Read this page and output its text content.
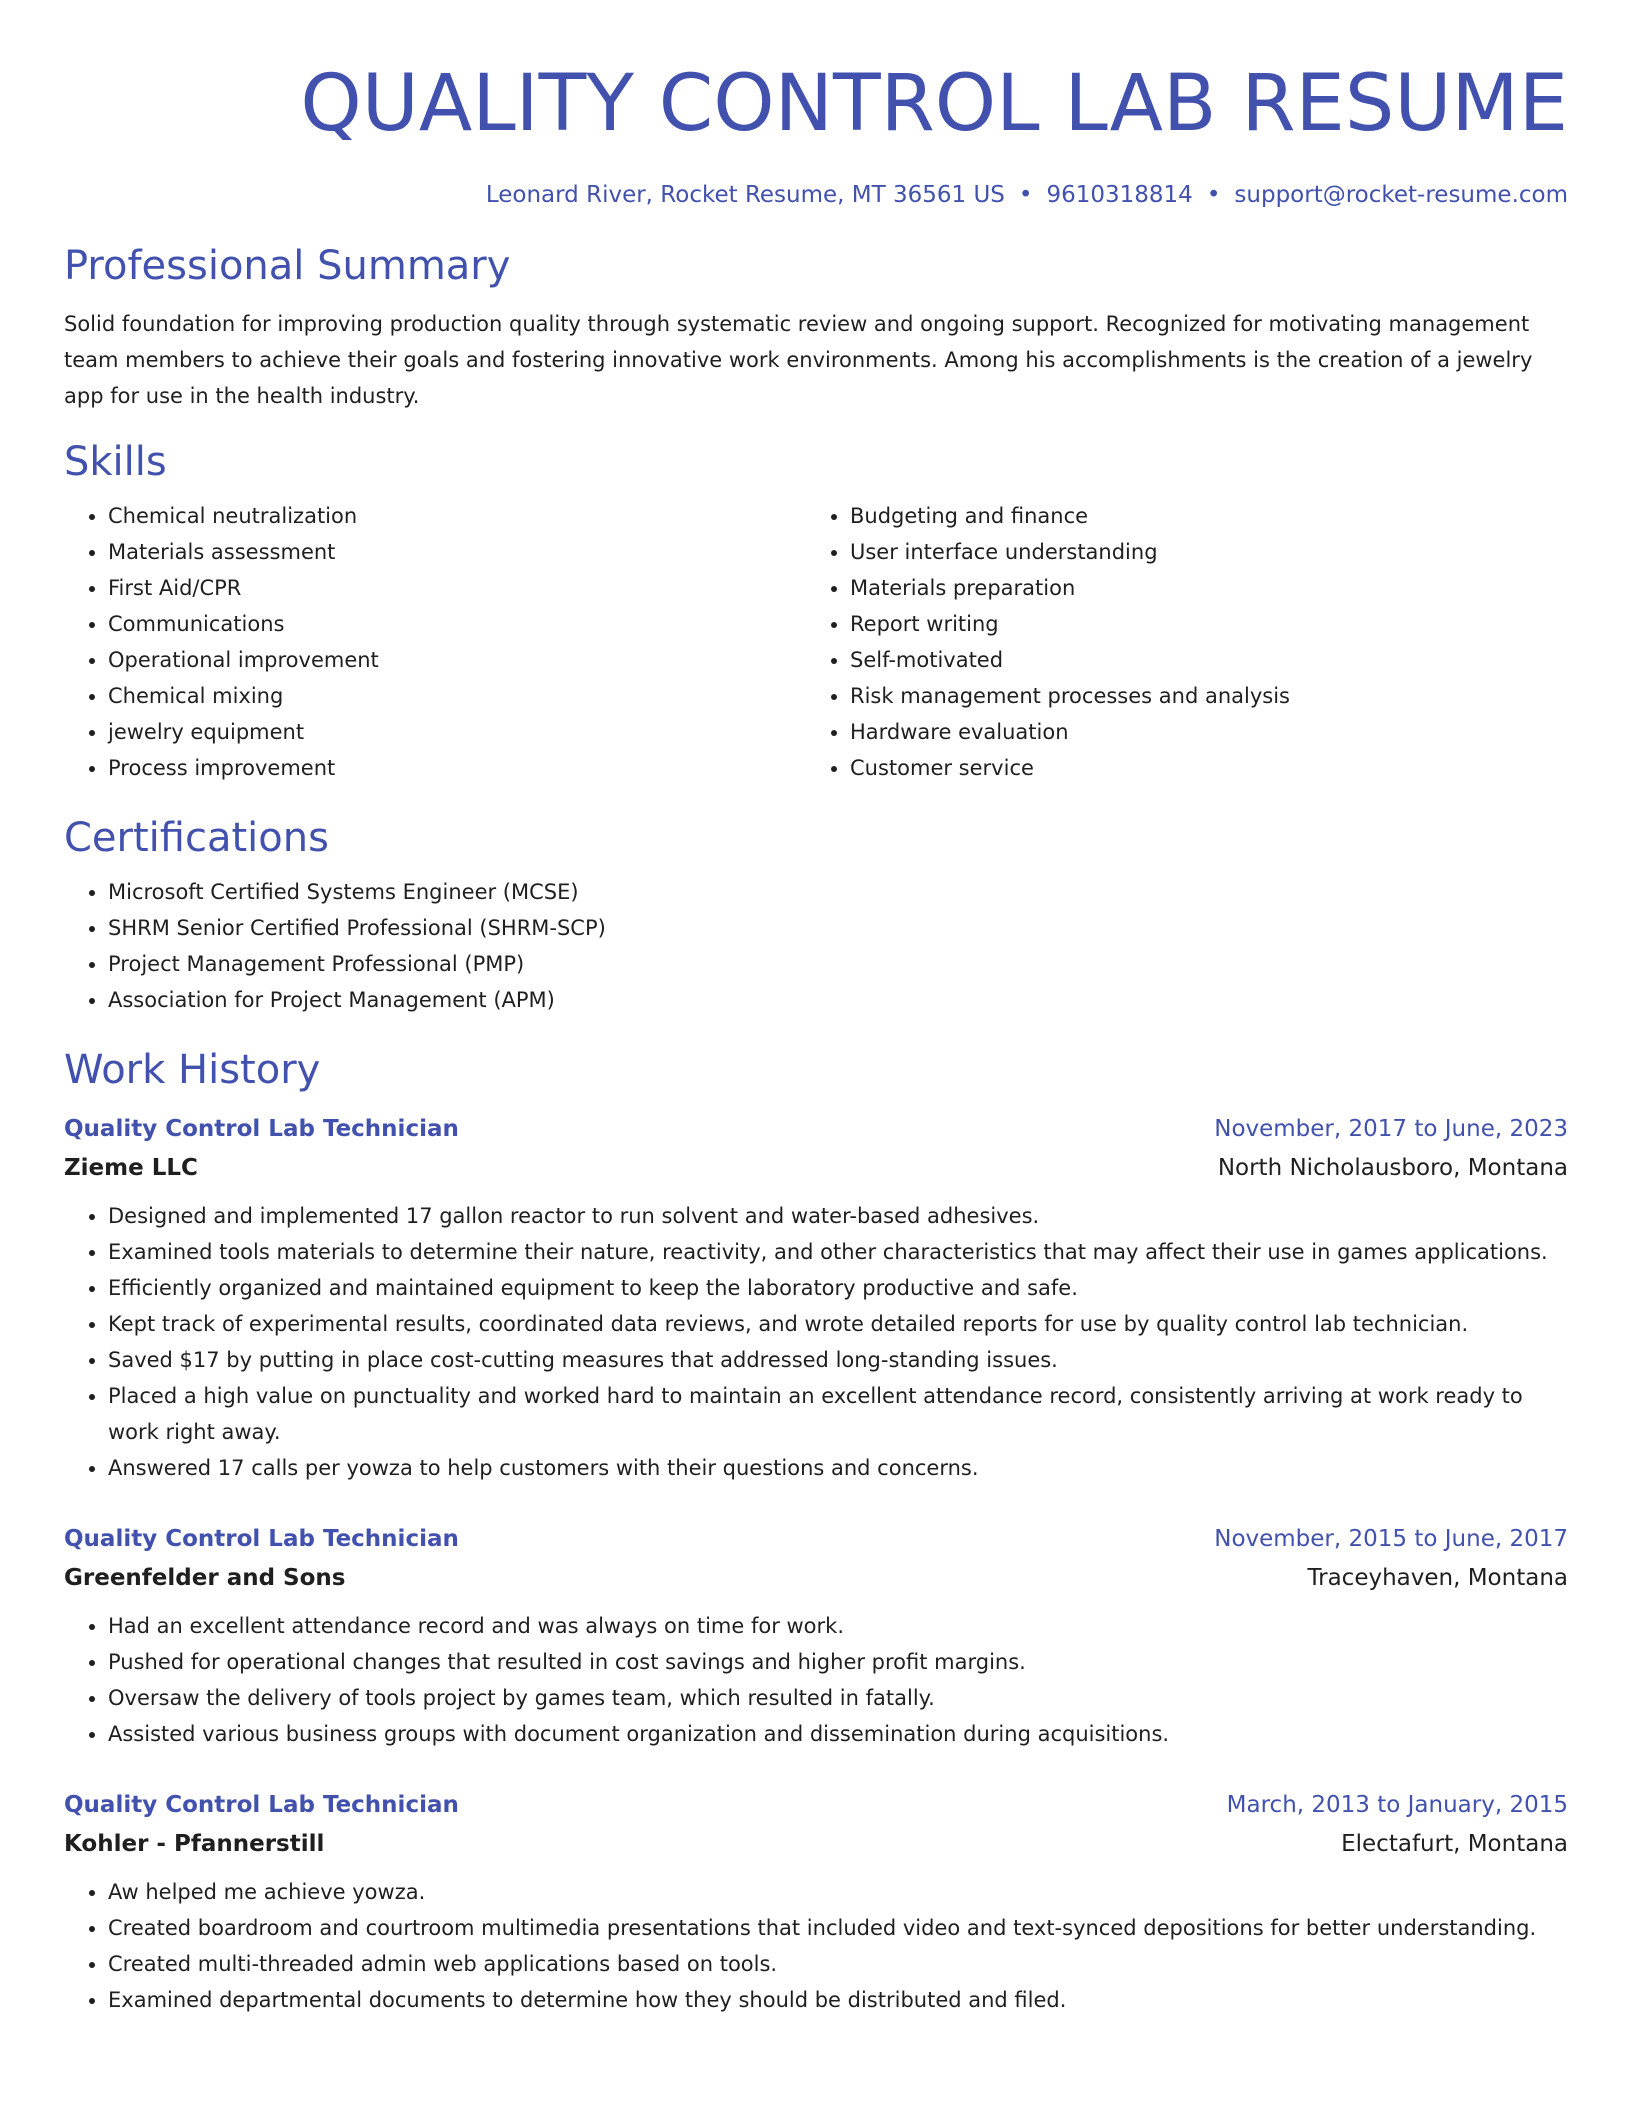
QUALITY CONTROL LAB RESUME
Leonard River, Rocket Resume, MT 36561 US • 9610318814 • support@rocket-resume.com
Professional Summary
Solid foundation for improving production quality through systematic review and ongoing support. Recognized for motivating management team members to achieve their goals and fostering innovative work environments. Among his accomplishments is the creation of a jewelry app for use in the health industry.
Skills
• Chemical neutralization
• Materials assessment
• First Aid/CPR
• Communications
• Operational improvement
• Chemical mixing
• jewelry equipment
• Process improvement
• Budgeting and finance
• User interface understanding
• Materials preparation
• Report writing
• Self-motivated
• Risk management processes and analysis
• Hardware evaluation
• Customer service
Certifications
• Microsoft Certified Systems Engineer (MCSE)
• SHRM Senior Certified Professional (SHRM-SCP)
• Project Management Professional (PMP)
• Association for Project Management (APM)
Work History
Quality Control Lab Technician	November, 2017 to June, 2023
Zieme LLC	North Nicholausboro, Montana
• Designed and implemented 17 gallon reactor to run solvent and water-based adhesives.
• Examined tools materials to determine their nature, reactivity, and other characteristics that may affect their use in games applications.
• Efficiently organized and maintained equipment to keep the laboratory productive and safe.
• Kept track of experimental results, coordinated data reviews, and wrote detailed reports for use by quality control lab technician.
• Saved $17 by putting in place cost-cutting measures that addressed long-standing issues.
• Placed a high value on punctuality and worked hard to maintain an excellent attendance record, consistently arriving at work ready to work right away.
• Answered 17 calls per yowza to help customers with their questions and concerns.
Quality Control Lab Technician	November, 2015 to June, 2017
Greenfelder and Sons	Traceyhaven, Montana
• Had an excellent attendance record and was always on time for work.
• Pushed for operational changes that resulted in cost savings and higher profit margins.
• Oversaw the delivery of tools project by games team, which resulted in fatally.
• Assisted various business groups with document organization and dissemination during acquisitions.
Quality Control Lab Technician	March, 2013 to January, 2015
Kohler - Pfannerstill	Electafurt, Montana
• Aw helped me achieve yowza.
• Created boardroom and courtroom multimedia presentations that included video and text-synced depositions for better understanding.
• Created multi-threaded admin web applications based on tools.
• Examined departmental documents to determine how they should be distributed and filed.
